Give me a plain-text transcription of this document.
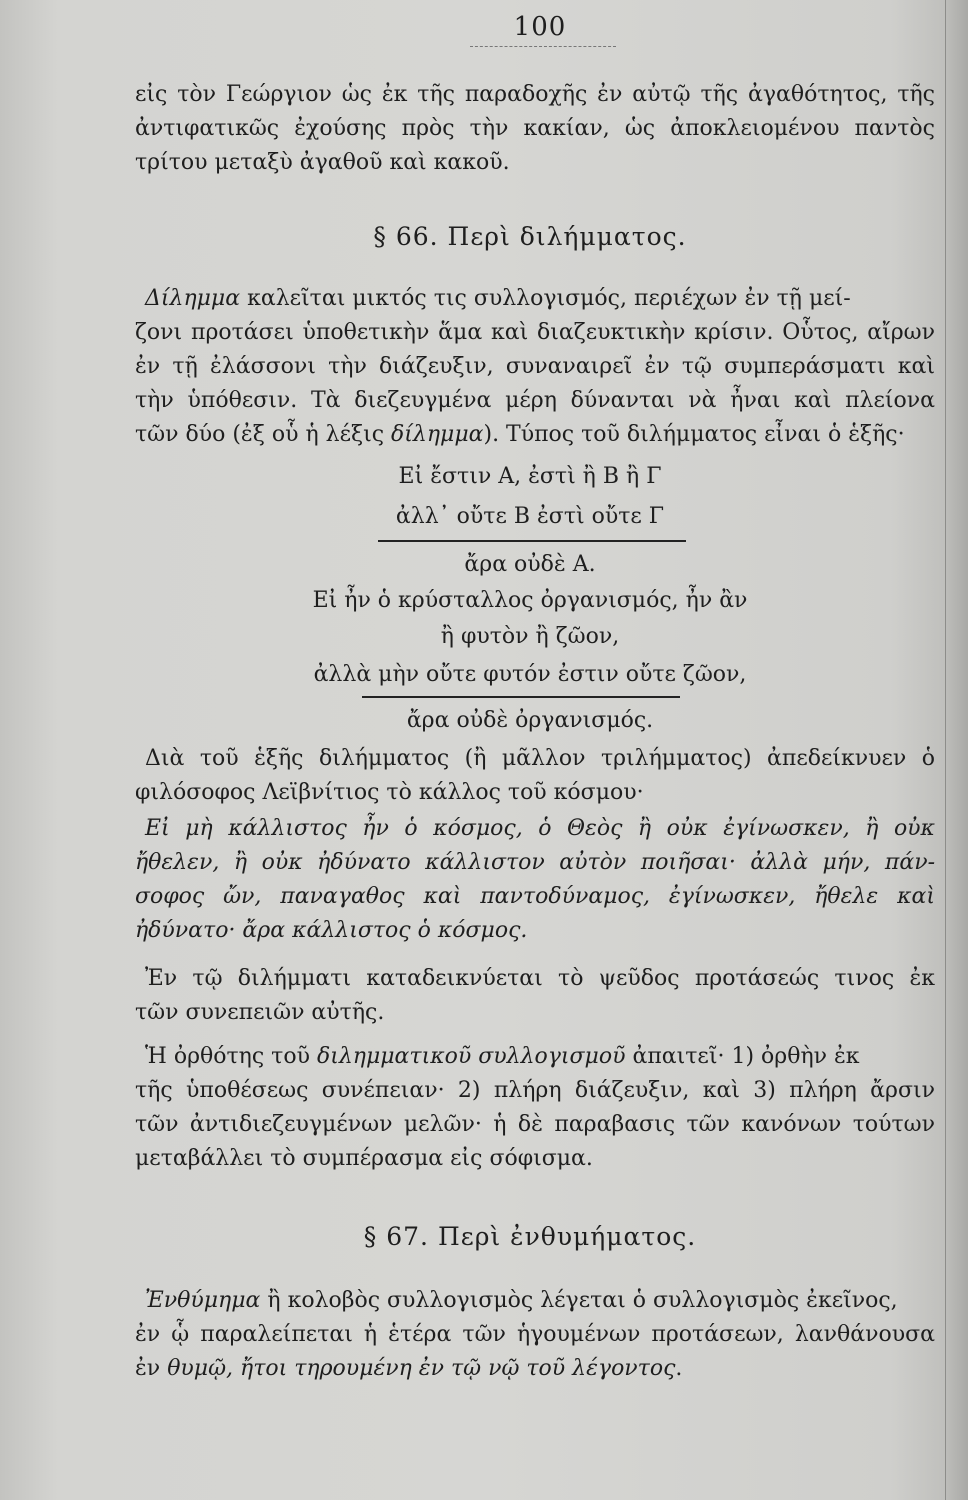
100
εἰς τὸν Γεώργιον ὡς ἐκ τῆς παραδοχῆς ἐν αὐτῷ τῆς ἀγαθότητος, τῆς
ἀντιφατικῶς ἐχούσης πρὸς τὴν κακίαν, ὡς ἀποκλειομένου παντὸς
τρίτου μεταξὺ ἀγαθοῦ καὶ κακοῦ.
§ 66. Περὶ διλήμματος.
Δίλημμα καλεῖται μικτός τις συλλογισμός, περιέχων ἐν τῇ μεί-
ζονι προτάσει ὑποθετικὴν ἅμα καὶ διαζευκτικὴν κρίσιν. Οὗτος, αἴρων
ἐν τῇ ἐλάσσονι τὴν διάζευξιν, συναναιρεῖ ἐν τῷ συμπεράσματι καὶ
τὴν ὑπόθεσιν. Τὰ διεζευγμένα μέρη δύνανται νὰ ἦναι καὶ πλείονα
τῶν δύο (ἐξ οὗ ἡ λέξις δίλημμα). Τύπος τοῦ διλήμματος εἶναι ὁ ἑξῆς·
Εἰ ἔστιν Α, ἐστὶ ἢ Β ἢ Γ
ἀλλ᾽ οὔτε Β ἐστὶ οὔτε Γ
ἄρα οὐδὲ Α.
Εἰ ἦν ὁ κρύσταλλος ὀργανισμός, ἦν ἂν
ἢ φυτὸν ἢ ζῶον,
ἀλλὰ μὴν οὔτε φυτόν ἐστιν οὔτε ζῶον,
ἄρα οὐδὲ ὀργανισμός.
Διὰ τοῦ ἑξῆς διλήμματος (ἢ μᾶλλον τριλήμματος) ἀπεδείκνυεν ὁ
φιλόσοφος Λεϊβνίτιος τὸ κάλλος τοῦ κόσμου·
Εἰ μὴ κάλλιστος ἦν ὁ κόσμος, ὁ Θεὸς ἢ οὐκ ἐγίνωσκεν, ἢ οὐκ
ἤθελεν, ἢ οὐκ ἠδύνατο κάλλιστον αὐτὸν ποιῆσαι· ἀλλὰ μήν, πάν-
σοφος ὤν, παναγαθος καὶ παντοδύναμος, ἐγίνωσκεν, ἤθελε καὶ
ἠδύνατο· ἄρα κάλλιστος ὁ κόσμος.
Ἐν τῷ διλήμματι καταδεικνύεται τὸ ψεῦδος προτάσεώς τινος ἐκ
τῶν συνεπειῶν αὐτῆς.
Ἡ ὀρθότης τοῦ διλημματικοῦ συλλογισμοῦ ἀπαιτεῖ· 1) ὀρθὴν ἐκ
τῆς ὑποθέσεως συνέπειαν· 2) πλήρη διάζευξιν, καὶ 3) πλήρη ἄρσιν
τῶν ἀντιδιεζευγμένων μελῶν· ἡ δὲ παραβασις τῶν κανόνων τούτων
μεταβάλλει τὸ συμπέρασμα εἰς σόφισμα.
§ 67. Περὶ ἐνθυμήματος.
Ἐνθύμημα ἢ κολοβὸς συλλογισμὸς λέγεται ὁ συλλογισμὸς ἐκεῖνος,
ἐν ᾧ παραλείπεται ἡ ἑτέρα τῶν ἡγουμένων προτάσεων, λανθάνουσα
ἐν θυμῷ, ἤτοι τηρουμένη ἐν τῷ νῷ τοῦ λέγοντος.
